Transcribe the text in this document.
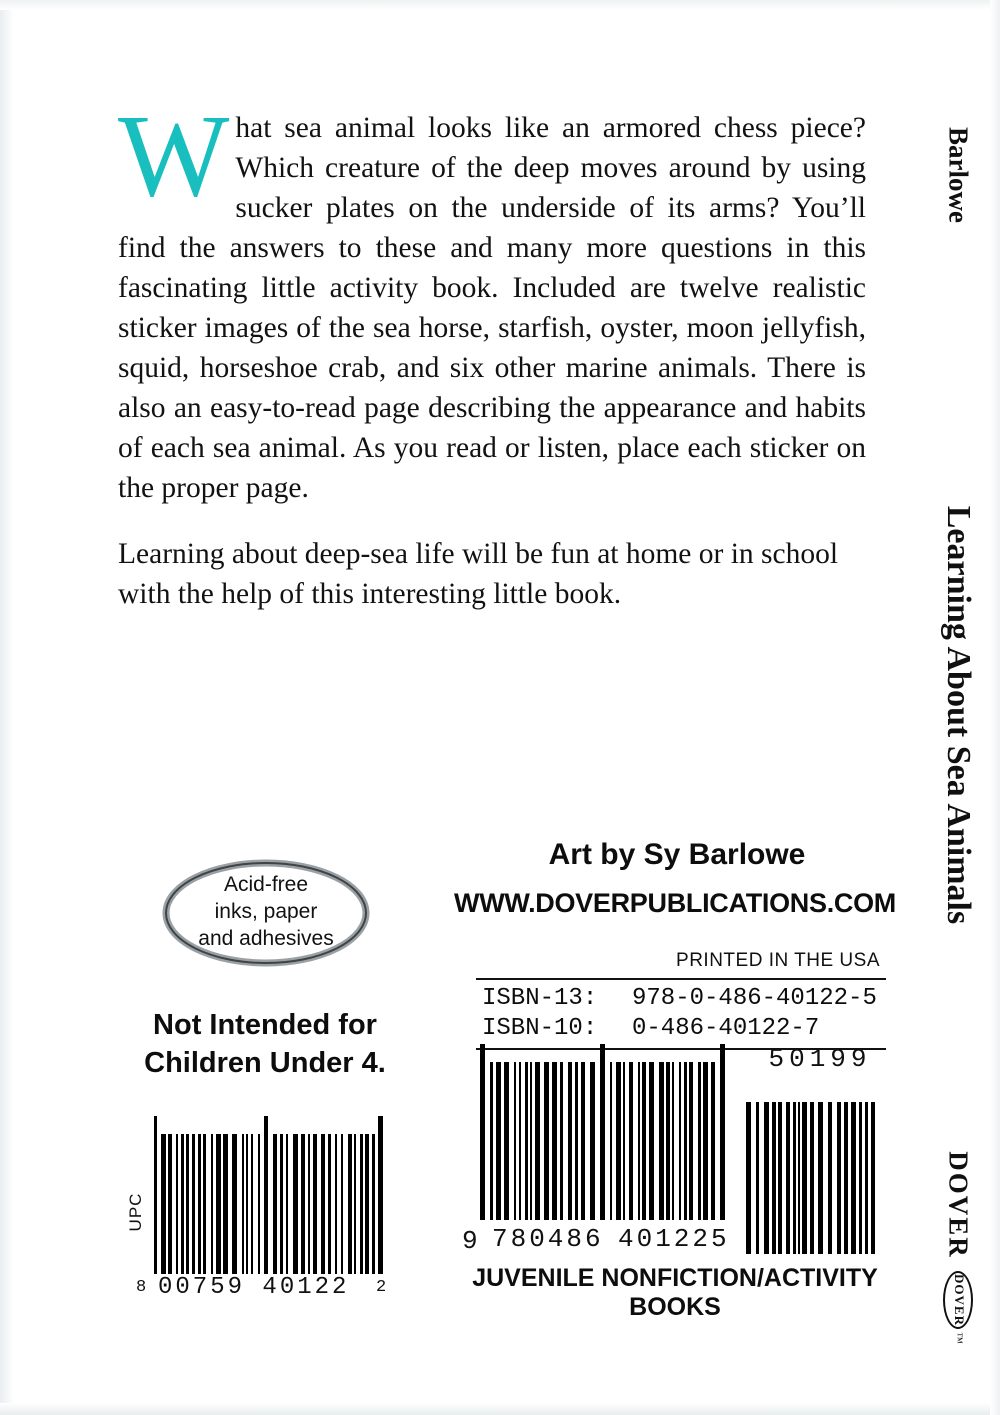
What sea animal looks like an armored chess piece? Which creature of the deep moves around by using sucker plates on the underside of its arms? You’ll find the answers to these and many more questions in this fascinating little activity book. Included are twelve realistic sticker images of the sea horse, starfish, oyster, moon jellyfish, squid, horseshoe crab, and six other marine animals. There is also an easy-to-read page describing the appearance and habits of each sea animal. As you read or listen, place each sticker on the proper page.

Learning about deep-sea life will be fun at home or in school with the help of this interesting little book.

Barlowe
Learning About Sea Animals
DOVER
DOVER
™
Acid-free
inks, paper
and adhesives
Not Intended for
Children Under 4.
UPC
8 00759 40122 2
Art by Sy Barlowe
WWW.DOVERPUBLICATIONS.COM
PRINTED IN THE USA
ISBN-13: 978-0-486-40122-5
ISBN-10: 0-486-40122-7
9 780486 401225
50199
JUVENILE NONFICTION/ACTIVITY BOOKS
